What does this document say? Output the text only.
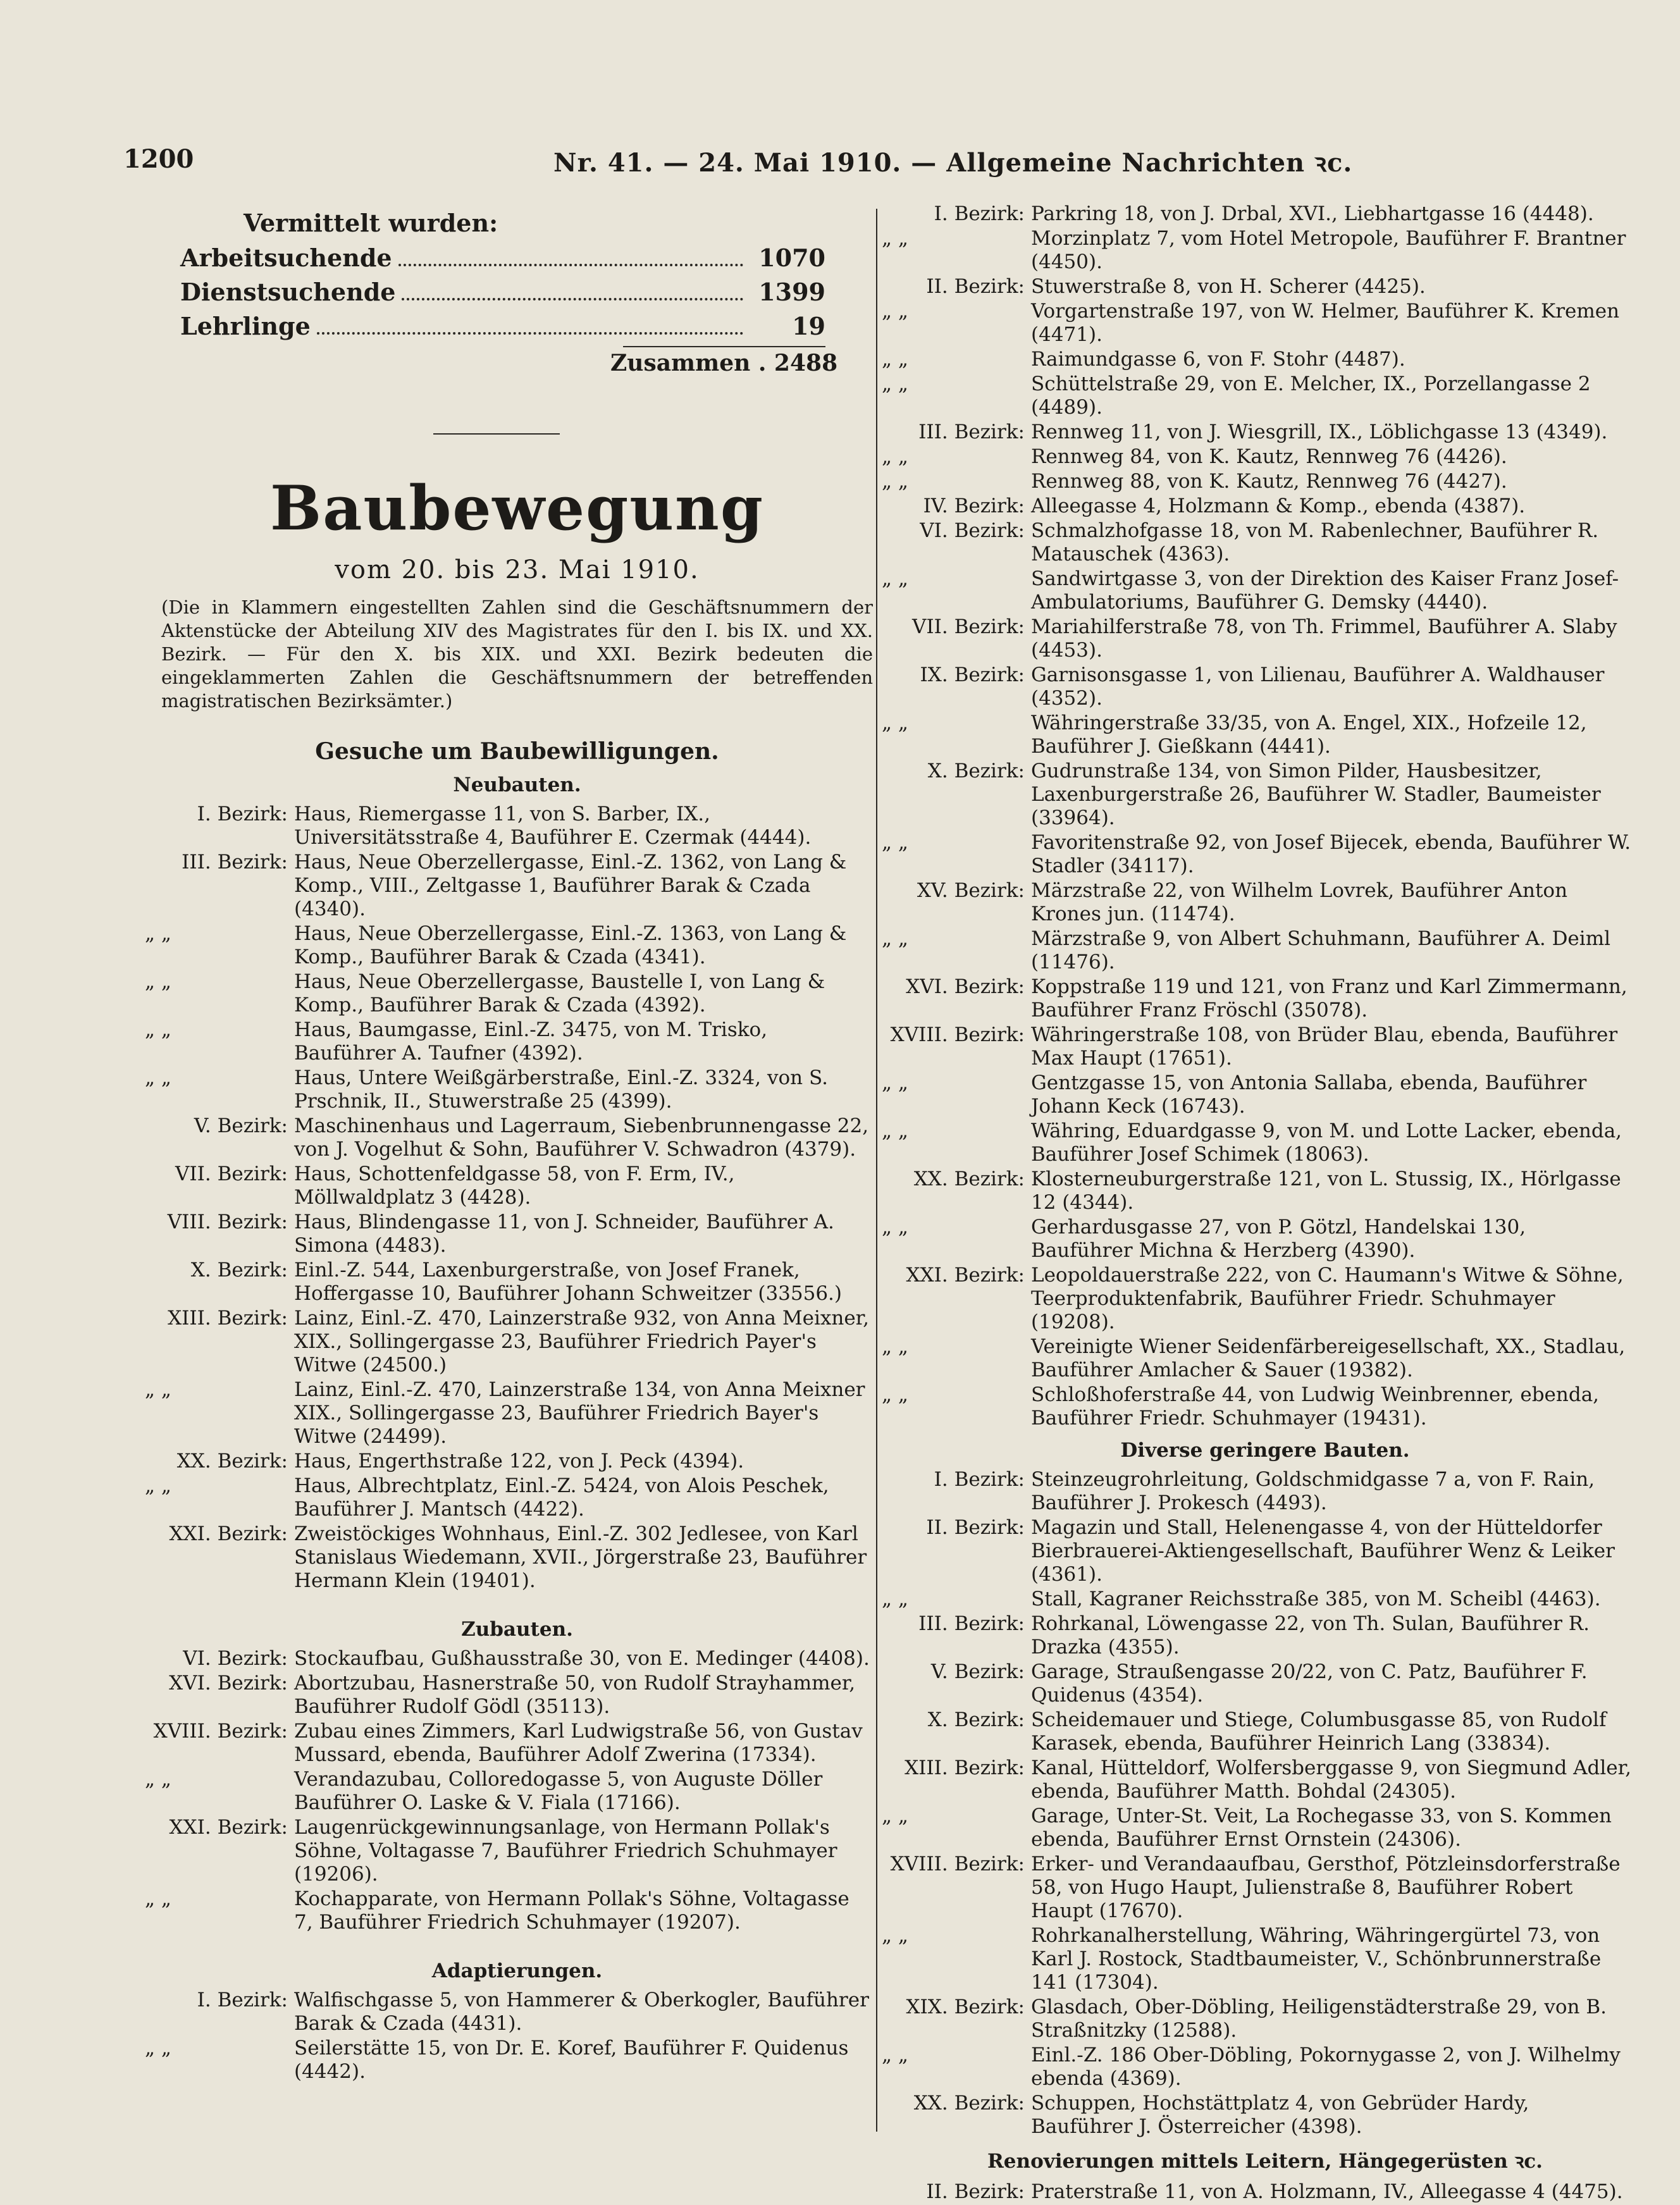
1200	Nr. 41. — 24. Mai 1910. — Allgemeine Nachrichten ꝛc.
Vermittelt wurden:
Arbeitsuchende	1070
Dienstsuchende	1399
Lehrlinge	19
Zusammen . 2488
Baubewegung
vom 20. bis 23. Mai 1910.

(Die in Klammern eingestellten Zahlen sind die Geschäftsnummern der Aktenstücke der Abteilung XIV des Magistrates für den I. bis IX. und XX. Bezirk. — Für den X. bis XIX. und XXI. Bezirk bedeuten die eingeklammerten Zahlen die Geschäftsnummern der betreffenden magistratischen Bezirksämter.)

Gesuche um Baubewilligungen.
Neubauten.

I. Bezirk: Haus, Riemergasse 11, von S. Barber, IX., Universitätsstraße 4, Bauführer E. Czermak (4444).

III. Bezirk: Haus, Neue Oberzellergasse, Einl.-Z. 1362, von Lang & Komp., VIII., Zeltgasse 1, Bauführer Barak & Czada (4340).

„ „	Haus, Neue Oberzellergasse, Einl.-Z. 1363, von Lang & Komp., Bauführer Barak & Czada (4341).

„ „	Haus, Neue Oberzellergasse, Baustelle I, von Lang & Komp., Bauführer Barak & Czada (4392).

„ „	Haus, Baumgasse, Einl.-Z. 3475, von M. Trisko, Bauführer A. Taufner (4392).

„ „	Haus, Untere Weißgärberstraße, Einl.-Z. 3324, von S. Prschnik, II., Stuwerstraße 25 (4399).

V. Bezirk: Maschinenhaus und Lagerraum, Siebenbrunnengasse 22, von J. Vogelhut & Sohn, Bauführer V. Schwadron (4379).

VII. Bezirk: Haus, Schottenfeldgasse 58, von F. Erm, IV., Möllwaldplatz 3 (4428).

VIII. Bezirk: Haus, Blindengasse 11, von J. Schneider, Bauführer A. Simona (4483).

X. Bezirk: Einl.-Z. 544, Laxenburgerstraße, von Josef Franek, Hoffergasse 10, Bauführer Johann Schweitzer (33556.)

XIII. Bezirk: Lainz, Einl.-Z. 470, Lainzerstraße 932, von Anna Meixner, XIX., Sollingergasse 23, Bauführer Friedrich Payer's Witwe (24500.)

„ „	Lainz, Einl.-Z. 470, Lainzerstraße 134, von Anna Meixner XIX., Sollingergasse 23, Bauführer Friedrich Bayer's Witwe (24499).

XX. Bezirk: Haus, Engerthstraße 122, von J. Peck (4394).

„ „	Haus, Albrechtplatz, Einl.-Z. 5424, von Alois Peschek, Bauführer J. Mantsch (4422).

XXI. Bezirk: Zweistöckiges Wohnhaus, Einl.-Z. 302 Jedlesee, von Karl Stanislaus Wiedemann, XVII., Jörgerstraße 23, Bauführer Hermann Klein (19401).

Zubauten.

VI. Bezirk: Stockaufbau, Gußhausstraße 30, von E. Medinger (4408).

XVI. Bezirk: Abortzubau, Hasnerstraße 50, von Rudolf Strayhammer, Bauführer Rudolf Gödl (35113).

XVIII. Bezirk: Zubau eines Zimmers, Karl Ludwigstraße 56, von Gustav Mussard, ebenda, Bauführer Adolf Zwerina (17334).

„ „	Verandazubau, Colloredogasse 5, von Auguste Döller Bauführer O. Laske & V. Fiala (17166).

XXI. Bezirk: Laugenrückgewinnungsanlage, von Hermann Pollak's Söhne, Voltagasse 7, Bauführer Friedrich Schuhmayer (19206).

„ „	Kochapparate, von Hermann Pollak's Söhne, Voltagasse 7, Bauführer Friedrich Schuhmayer (19207).

Adaptierungen.

I. Bezirk: Walfischgasse 5, von Hammerer & Oberkogler, Bauführer Barak & Czada (4431).

„ „	Seilerstätte 15, von Dr. E. Koref, Bauführer F. Quidenus (4442).

I. Bezirk: Parkring 18, von J. Drbal, XVI., Liebhartgasse 16 (4448).

„ „	Morzinplatz 7, vom Hotel Metropole, Bauführer F. Brantner (4450).

II. Bezirk: Stuwerstraße 8, von H. Scherer (4425).

„ „	Vorgartenstraße 197, von W. Helmer, Bauführer K. Kremen (4471).

„ „	Raimundgasse 6, von F. Stohr (4487).

„ „	Schüttelstraße 29, von E. Melcher, IX., Porzellangasse 2 (4489).

III. Bezirk: Rennweg 11, von J. Wiesgrill, IX., Löblichgasse 13 (4349).

„ „	Rennweg 84, von K. Kautz, Rennweg 76 (4426).

„ „	Rennweg 88, von K. Kautz, Rennweg 76 (4427).

IV. Bezirk: Alleegasse 4, Holzmann & Komp., ebenda (4387).

VI. Bezirk: Schmalzhofgasse 18, von M. Rabenlechner, Bauführer R. Matauschek (4363).

„ „	Sandwirtgasse 3, von der Direktion des Kaiser Franz Josef-Ambulatoriums, Bauführer G. Demsky (4440).

VII. Bezirk: Mariahilferstraße 78, von Th. Frimmel, Bauführer A. Slaby (4453).

IX. Bezirk: Garnisonsgasse 1, von Lilienau, Bauführer A. Waldhauser (4352).

„ „	Währingerstraße 33/35, von A. Engel, XIX., Hofzeile 12, Bauführer J. Gießkann (4441).

X. Bezirk: Gudrunstraße 134, von Simon Pilder, Hausbesitzer, Laxenburgerstraße 26, Bauführer W. Stadler, Baumeister (33964).

„ „	Favoritenstraße 92, von Josef Bijecek, ebenda, Bauführer W. Stadler (34117).

XV. Bezirk: Märzstraße 22, von Wilhelm Lovrek, Bauführer Anton Krones jun. (11474).

„ „	Märzstraße 9, von Albert Schuhmann, Bauführer A. Deiml (11476).

XVI. Bezirk: Koppstraße 119 und 121, von Franz und Karl Zimmermann, Bauführer Franz Fröschl (35078).

XVIII. Bezirk: Währingerstraße 108, von Brüder Blau, ebenda, Bauführer Max Haupt (17651).

„ „	Gentzgasse 15, von Antonia Sallaba, ebenda, Bauführer Johann Keck (16743).

„ „	Währing, Eduardgasse 9, von M. und Lotte Lacker, ebenda, Bauführer Josef Schimek (18063).

XX. Bezirk: Klosterneuburgerstraße 121, von L. Stussig, IX., Hörlgasse 12 (4344).

„ „	Gerhardusgasse 27, von P. Götzl, Handelskai 130, Bauführer Michna & Herzberg (4390).

XXI. Bezirk: Leopoldauerstraße 222, von C. Haumann's Witwe & Söhne, Teerproduktenfabrik, Bauführer Friedr. Schuhmayer (19208).

„ „	Vereinigte Wiener Seidenfärbereigesellschaft, XX., Stadlau, Bauführer Amlacher & Sauer (19382).

„ „	Schloßhoferstraße 44, von Ludwig Weinbrenner, ebenda, Bauführer Friedr. Schuhmayer (19431).

Diverse geringere Bauten.

I. Bezirk: Steinzeugrohrleitung, Goldschmidgasse 7 a, von F. Rain, Bauführer J. Prokesch (4493).

II. Bezirk: Magazin und Stall, Helenengasse 4, von der Hütteldorfer Bierbrauerei-Aktiengesellschaft, Bauführer Wenz & Leiker (4361).

„ „	Stall, Kagraner Reichsstraße 385, von M. Scheibl (4463).

III. Bezirk: Rohrkanal, Löwengasse 22, von Th. Sulan, Bauführer R. Drazka (4355).

V. Bezirk: Garage, Straußengasse 20/22, von C. Patz, Bauführer F. Quidenus (4354).

X. Bezirk: Scheidemauer und Stiege, Columbusgasse 85, von Rudolf Karasek, ebenda, Bauführer Heinrich Lang (33834).

XIII. Bezirk: Kanal, Hütteldorf, Wolfersberggasse 9, von Siegmund Adler, ebenda, Bauführer Matth. Bohdal (24305).

„ „	Garage, Unter-St. Veit, La Rochegasse 33, von S. Kommen ebenda, Bauführer Ernst Ornstein (24306).

XVIII. Bezirk: Erker- und Verandaaufbau, Gersthof, Pötzleinsdorferstraße 58, von Hugo Haupt, Julienstraße 8, Bauführer Robert Haupt (17670).

„ „	Rohrkanalherstellung, Währing, Währingergürtel 73, von Karl J. Rostock, Stadtbaumeister, V., Schönbrunnerstraße 141 (17304).

XIX. Bezirk: Glasdach, Ober-Döbling, Heiligenstädterstraße 29, von B. Straßnitzky (12588).

„ „	Einl.-Z. 186 Ober-Döbling, Pokornygasse 2, von J. Wilhelmy ebenda (4369).

XX. Bezirk: Schuppen, Hochstättplatz 4, von Gebrüder Hardy, Bauführer J. Österreicher (4398).

Renovierungen mittels Leitern, Hängegerüsten ꝛc.

II. Bezirk: Praterstraße 11, von A. Holzmann, IV., Alleegasse 4 (4475).
